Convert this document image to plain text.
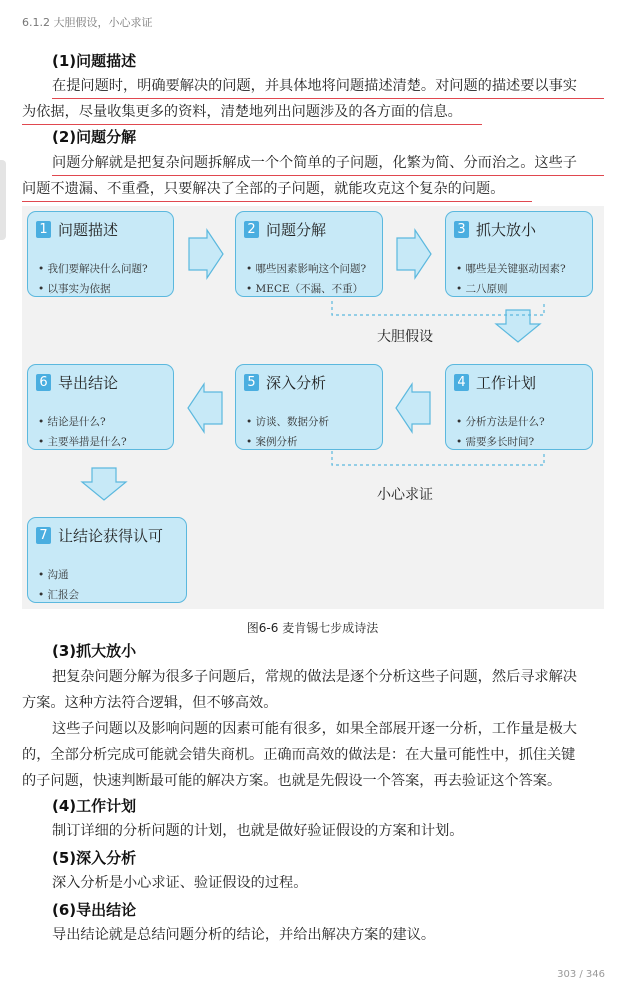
6.1.2 大胆假设，小心求证
(1)问题描述
在提问题时，明确要解决的问题，并具体地将问题描述清楚。对问题的描述要以事实
为依据，尽量收集更多的资料，清楚地列出问题涉及的各方面的信息。
(2)问题分解
问题分解就是把复杂问题拆解成一个个简单的子问题，化繁为简、分而治之。这些子
问题不遗漏、不重叠，只要解决了全部的子问题，就能攻克这个复杂的问题。
1 问题描述
• 我们要解决什么问题?
• 以事实为依据
2 问题分解
• 哪些因素影响这个问题?
• MECE（不漏、不重）
3 抓大放小
• 哪些是关键驱动因素?
• 二八原则
大胆假设
6 导出结论
• 结论是什么?
• 主要举措是什么?
5 深入分析
• 访谈、数据分析
• 案例分析
4 工作计划
• 分析方法是什么?
• 需要多长时间?
小心求证
7 让结论获得认可
• 沟通
• 汇报会
图6-6 麦肯锡七步成诗法
(3)抓大放小
把复杂问题分解为很多子问题后，常规的做法是逐个分析这些子问题，然后寻求解决
方案。这种方法符合逻辑，但不够高效。
这些子问题以及影响问题的因素可能有很多，如果全部展开逐一分析，工作量是极大
的，全部分析完成可能就会错失商机。正确而高效的做法是：在大量可能性中，抓住关键
的子问题，快速判断最可能的解决方案。也就是先假设一个答案，再去验证这个答案。
(4)工作计划
制订详细的分析问题的计划，也就是做好验证假设的方案和计划。
(5)深入分析
深入分析是小心求证、验证假设的过程。
(6)导出结论
导出结论就是总结问题分析的结论，并给出解决方案的建议。
303 / 346
